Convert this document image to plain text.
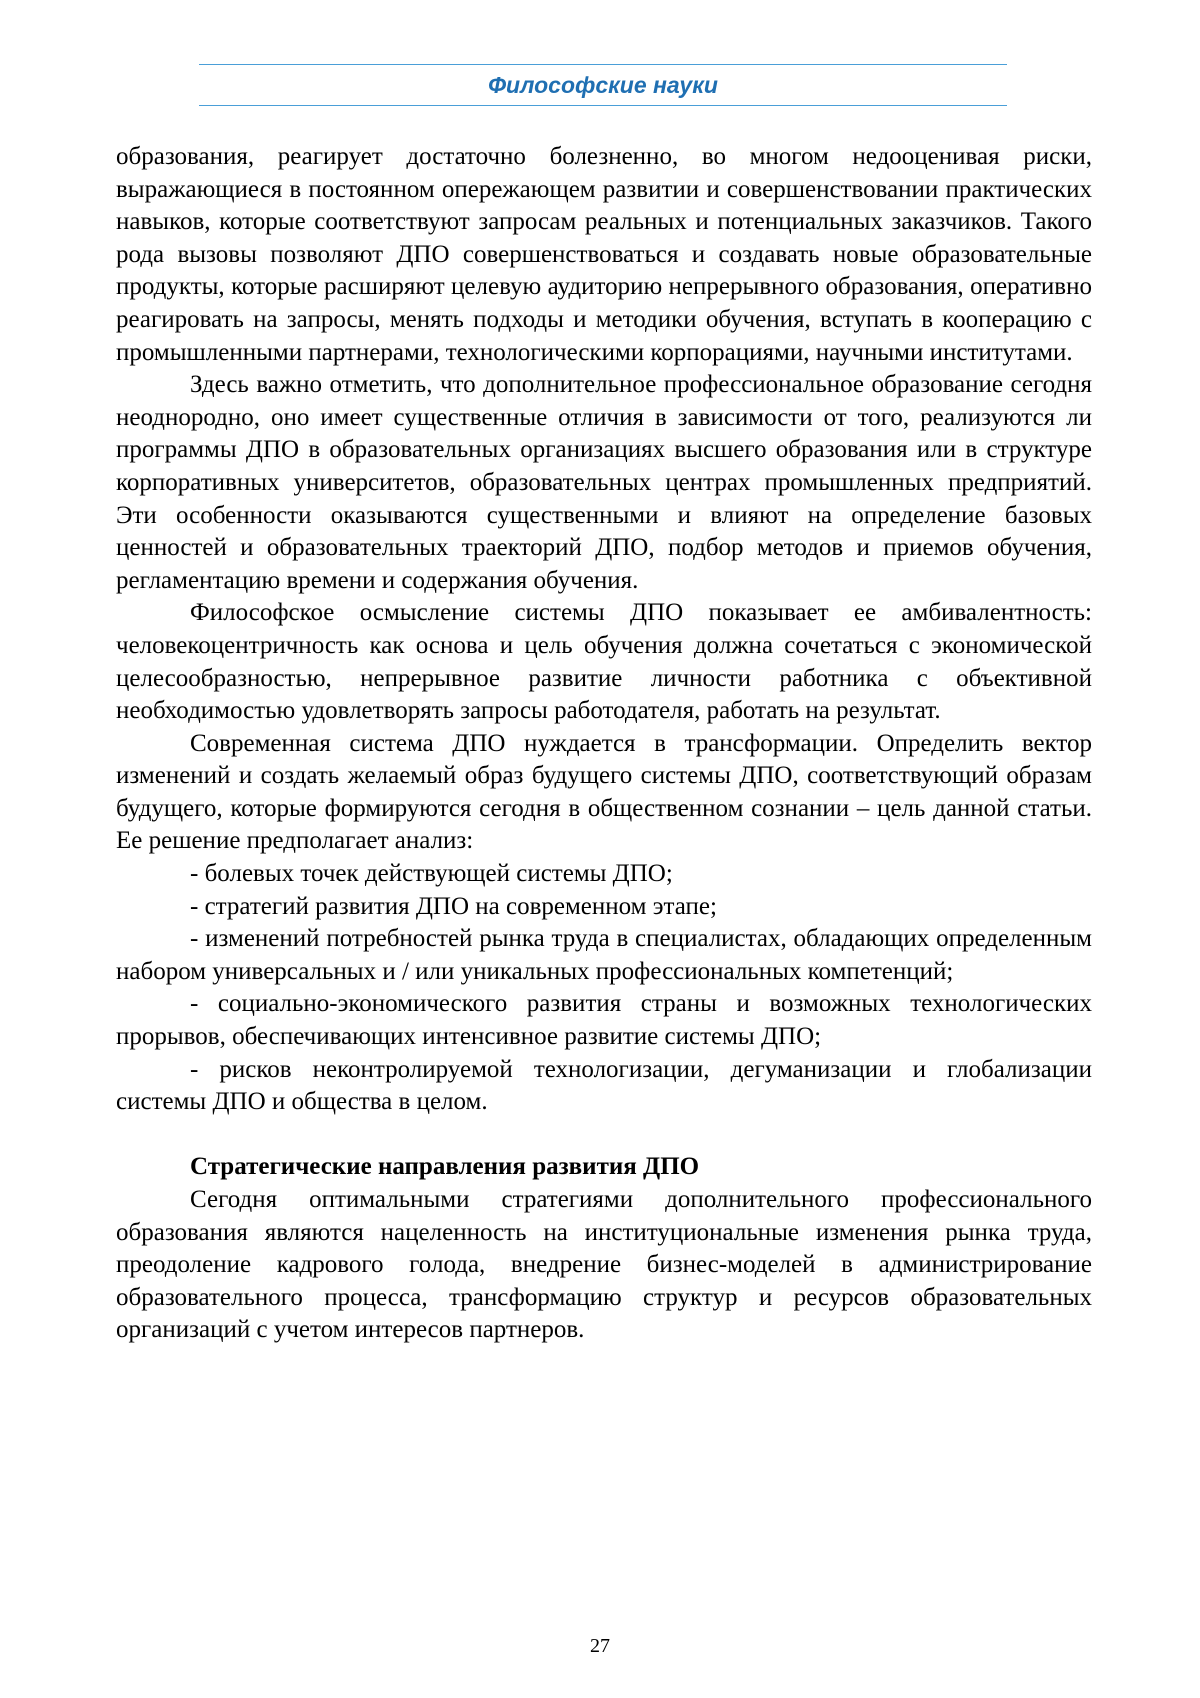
Философские науки

образования, реагирует достаточно болезненно, во многом недооценивая риски, выражающиеся в постоянном опережающем развитии и совершенствовании практических навыков, которые соответствуют запросам реальных и потенциальных заказчиков. Такого рода вызовы позволяют ДПО совершенствоваться и создавать новые образовательные продукты, которые расширяют целевую аудиторию непрерывного образования, оперативно реагировать на запросы, менять подходы и методики обучения, вступать в кооперацию с промышленными партнерами, технологическими корпорациями, научными институтами.

Здесь важно отметить, что дополнительное профессиональное образование сегодня неоднородно, оно имеет существенные отличия в зависимости от того, реализуются ли программы ДПО в образовательных организациях высшего образования или в структуре корпоративных университетов, образовательных центрах промышленных предприятий. Эти особенности оказываются существенными и влияют на определение базовых ценностей и образовательных траекторий ДПО, подбор методов и приемов обучения, регламентацию времени и содержания обучения.

Философское осмысление системы ДПО показывает ее амбивалентность: человекоцентричность как основа и цель обучения должна сочетаться с экономической целесообразностью, непрерывное развитие личности работника с объективной необходимостью удовлетворять запросы работодателя, работать на результат.

Современная система ДПО нуждается в трансформации. Определить вектор изменений и создать желаемый образ будущего системы ДПО, соответствующий образам будущего, которые формируются сегодня в общественном сознании – цель данной статьи. Ее решение предполагает анализ:

- болевых точек действующей системы ДПО;

- стратегий развития ДПО на современном этапе;

- изменений потребностей рынка труда в специалистах, обладающих определенным набором универсальных и / или уникальных профессиональных компетенций;

- социально-экономического развития страны и возможных технологических прорывов, обеспечивающих интенсивное развитие системы ДПО;

- рисков неконтролируемой технологизации, дегуманизации и глобализации системы ДПО и общества в целом.

Стратегические направления развития ДПО

Сегодня оптимальными стратегиями дополнительного профессионального образования являются нацеленность на институциональные изменения рынка труда, преодоление кадрового голода, внедрение бизнес-моделей в администрирование образовательного процесса, трансформацию структур и ресурсов образовательных организаций с учетом интересов партнеров.

27
